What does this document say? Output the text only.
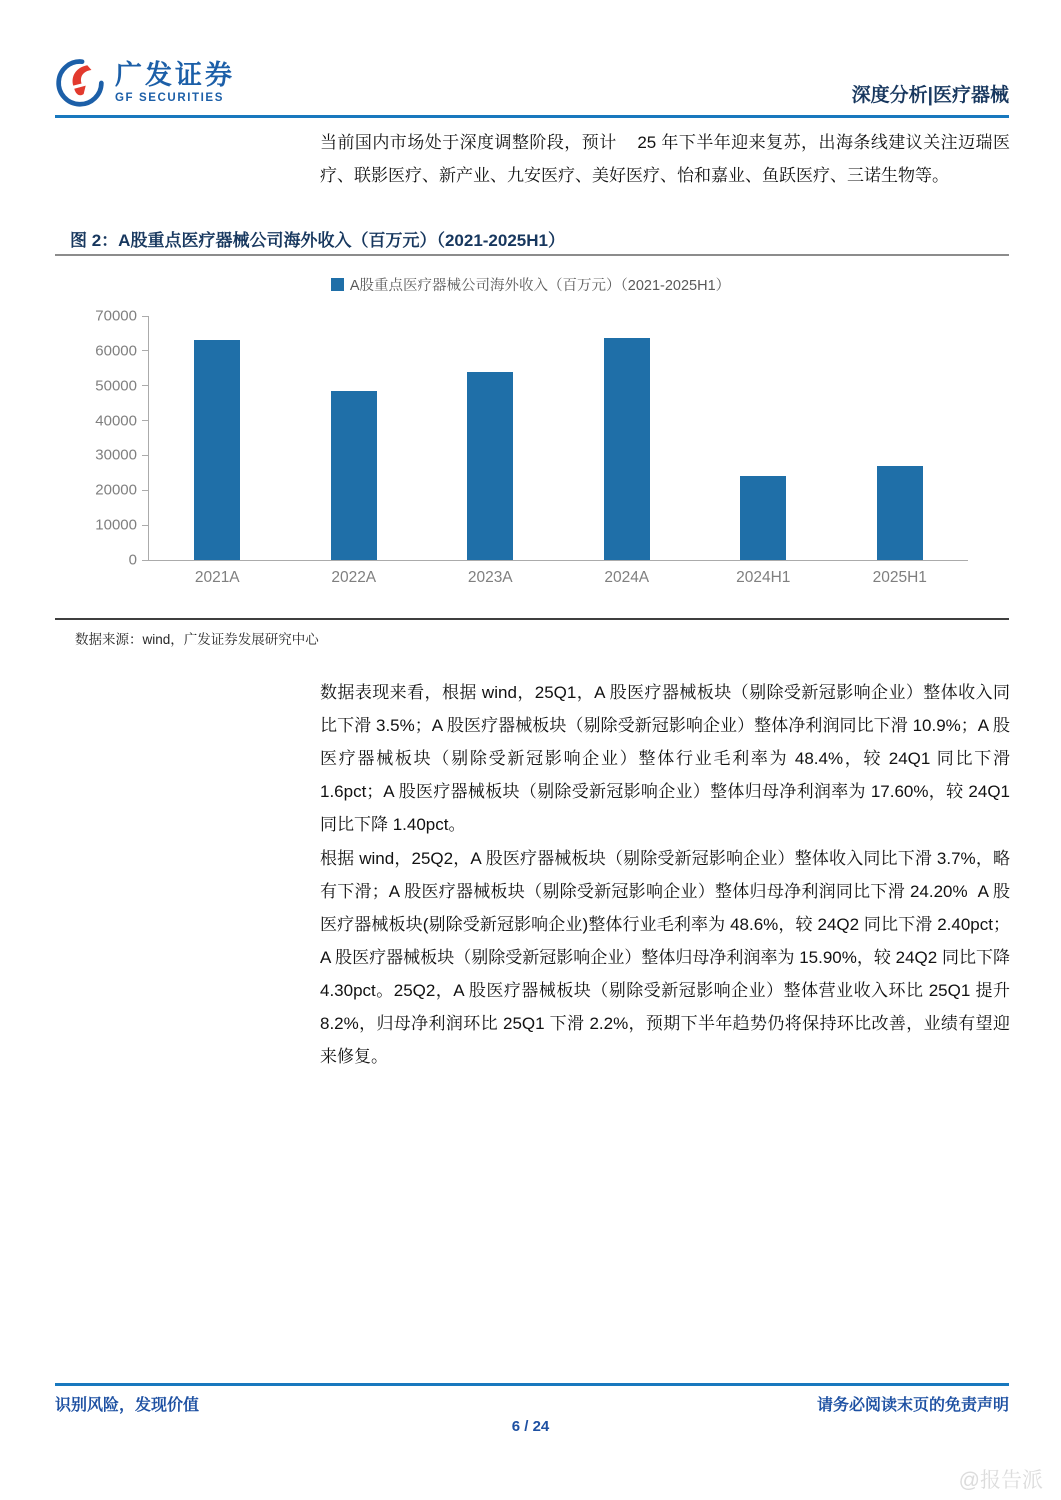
广发证券
GF SECURITIES	深度分析|医疗器械
当前国内市场处于深度调整阶段，预计    25 年下半年迎来复苏，出海条线建议关注迈瑞医疗、联影医疗、新产业、九安医疗、美好医疗、怡和嘉业、鱼跃医疗、三诺生物等。
图 2：A股重点医疗器械公司海外收入（百万元）（2021-2025H1）
A股重点医疗器械公司海外收入（百万元）（2021-2025H1）
0
10000
20000
30000
40000
50000
60000
70000
2021A	2022A	2023A	2024A	2024H1	2025H1
数据来源：wind，广发证券发展研究中心
数据表现来看，根据 wind，25Q1，A 股医疗器械板块（剔除受新冠影响企业）整体收入同比下滑 3.5%；A 股医疗器械板块（剔除受新冠影响企业）整体净利润同比下滑 10.9%；A 股医疗器械板块（剔除受新冠影响企业）整体行业毛利率为 48.4%，较 24Q1 同比下滑 1.6pct；A 股医疗器械板块（剔除受新冠影响企业）整体归母净利润率为 17.60%，较 24Q1 同比下降 1.40pct。
根据 wind，25Q2，A 股医疗器械板块（剔除受新冠影响企业）整体收入同比下滑 3.7%，略有下滑；A 股医疗器械板块（剔除受新冠影响企业）整体归母净利润同比下滑 24.20%  A 股医疗器械板块(剔除受新冠影响企业)整体行业毛利率为 48.6%，较 24Q2 同比下滑 2.40pct；A 股医疗器械板块（剔除受新冠影响企业）整体归母净利润率为 15.90%，较 24Q2 同比下降 4.30pct。25Q2，A 股医疗器械板块（剔除受新冠影响企业）整体营业收入环比 25Q1 提升 8.2%，归母净利润环比 25Q1 下滑 2.2%，预期下半年趋势仍将保持环比改善，业绩有望迎来修复。
识别风险，发现价值	请务必阅读末页的免责声明
6 / 24
@报告派
